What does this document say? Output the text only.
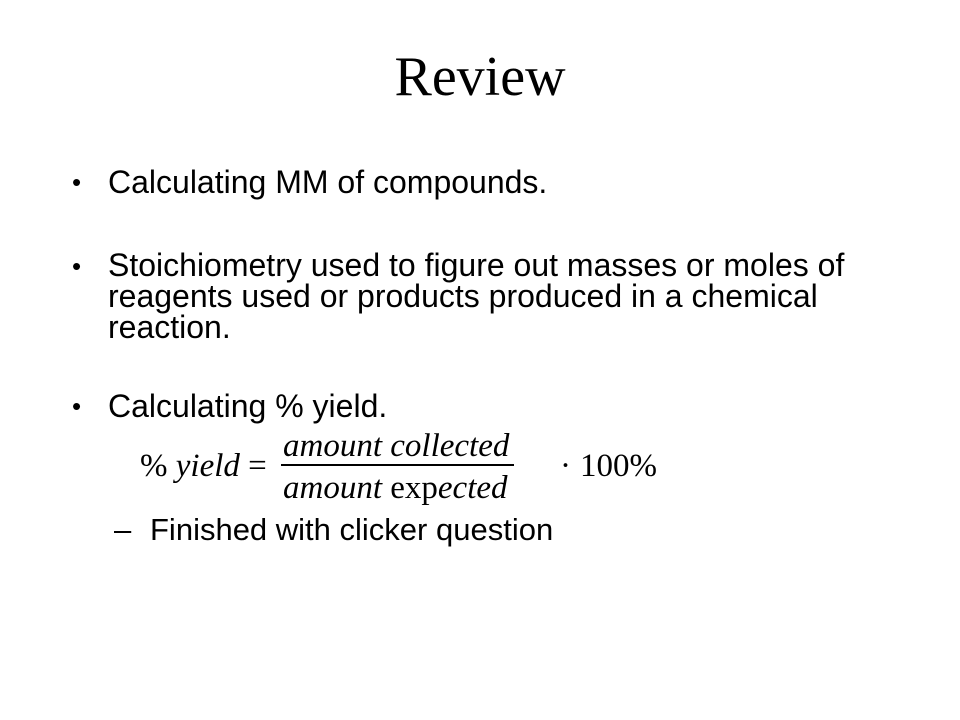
Review
• Calculating MM of compounds.
• Stoichiometry used to figure out masses or moles of reagents used or products produced in a chemical reaction.
• Calculating % yield.
% yield =
amount collected
amount expected
· 100%
– Finished with clicker question
